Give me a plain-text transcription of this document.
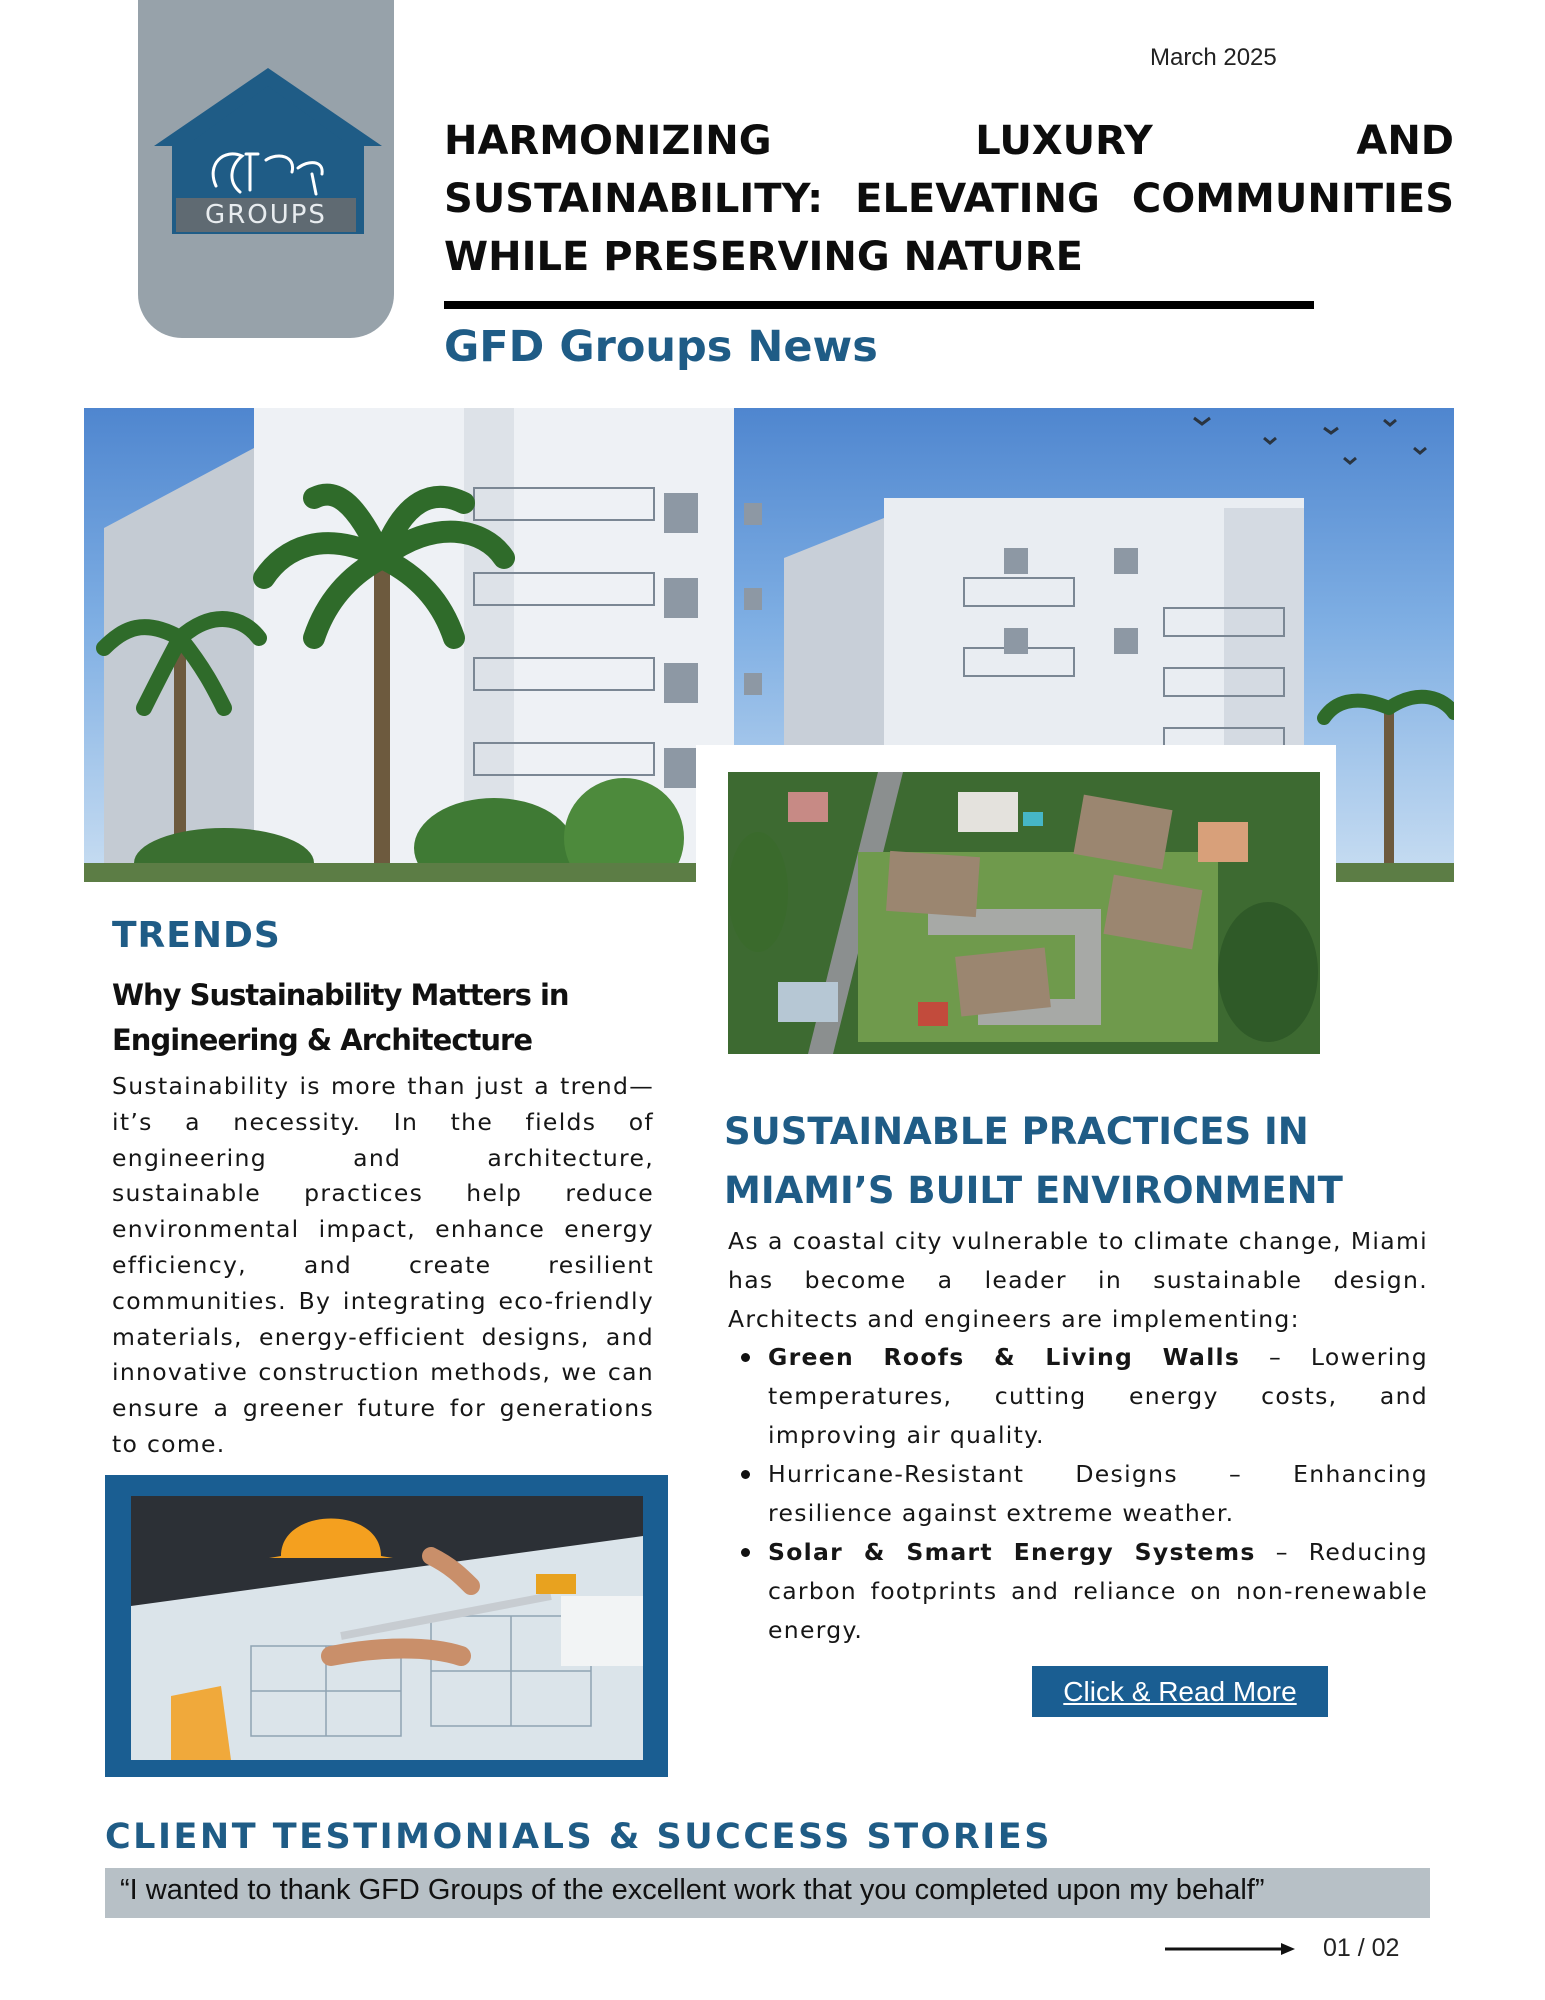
GROUPS
March 2025
HARMONIZING LUXURY AND SUSTAINABILITY: ELEVATING COMMUNITIES WHILE PRESERVING NATURE
GFD Groups News
TRENDS
Why Sustainability Matters in Engineering & Architecture

Sustainability is more than just a trend—it’s a necessity. In the fields of engineering and architecture, sustainable practices help reduce environmental impact, enhance energy efficiency, and create resilient communities. By integrating eco-friendly materials, energy-efficient designs, and innovative construction methods, we can ensure a greener future for generations to come.

SUSTAINABLE PRACTICES IN MIAMI’S BUILT ENVIRONMENT

As a coastal city vulnerable to climate change, Miami has become a leader in sustainable design. Architects and engineers are implementing:

Green Roofs & Living Walls – Lowering temperatures, cutting energy costs, and improving air quality.
Hurricane-Resistant Designs – Enhancing resilience against extreme weather.
Solar & Smart Energy Systems – Reducing carbon footprints and reliance on non-renewable energy.
Click & Read More
CLIENT TESTIMONIALS & SUCCESS STORIES
“I wanted to thank GFD Groups of the excellent work that you completed upon my behalf”
01 / 02
